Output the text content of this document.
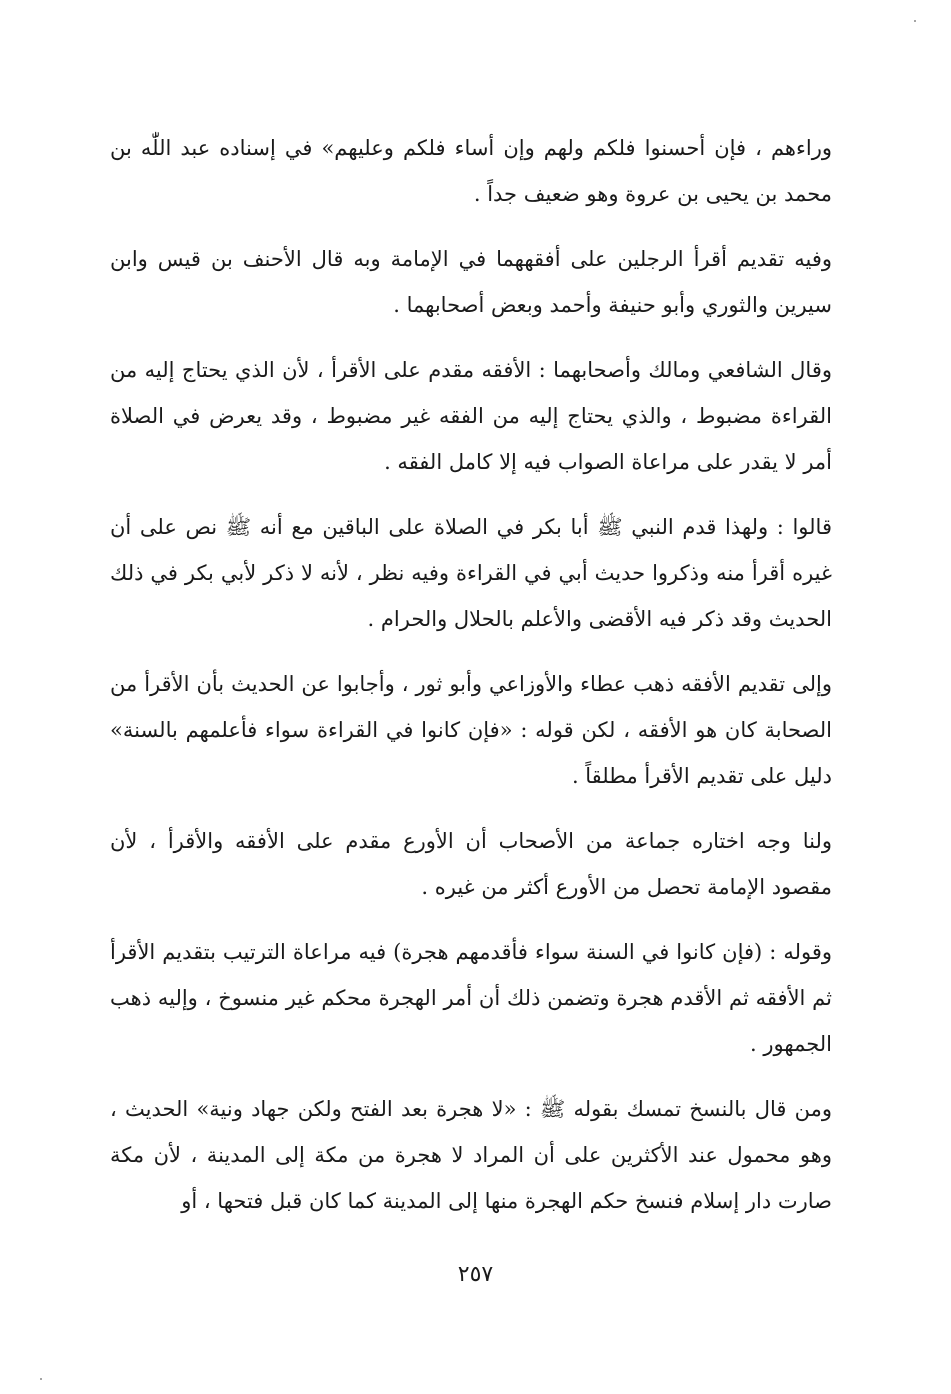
وراءهم ، فإن أحسنوا فلكم ولهم وإن أساء فلكم وعليهم» في إسناده عبد اللّٰه بن محمد بن يحيى بن عروة وهو ضعيف جداً .

وفيه تقديم أقرأ الرجلين على أفقههما في الإمامة وبه قال الأحنف بن قيس وابن سيرين والثوري وأبو حنيفة وأحمد وبعض أصحابهما .

وقال الشافعي ومالك وأصحابهما : الأفقه مقدم على الأقرأ ، لأن الذي يحتاج إليه من القراءة مضبوط ، والذي يحتاج إليه من الفقه غير مضبوط ، وقد يعرض في الصلاة أمر لا يقدر على مراعاة الصواب فيه إلا كامل الفقه .

قالوا : ولهذا قدم النبي ﷺ أبا بكر في الصلاة على الباقين مع أنه ﷺ نص على أن غيره أقرأ منه وذكروا حديث أبي في القراءة وفيه نظر ، لأنه لا ذكر لأبي بكر في ذلك الحديث وقد ذكر فيه الأقضى والأعلم بالحلال والحرام .

وإلى تقديم الأفقه ذهب عطاء والأوزاعي وأبو ثور ، وأجابوا عن الحديث بأن الأقرأ من الصحابة كان هو الأفقه ، لكن قوله : «فإن كانوا في القراءة سواء فأعلمهم بالسنة» دليل على تقديم الأقرأ مطلقاً .

ولنا وجه اختاره جماعة من الأصحاب أن الأورع مقدم على الأفقه والأقرأ ، لأن مقصود الإمامة تحصل من الأورع أكثر من غيره .

وقوله : (فإن كانوا في السنة سواء فأقدمهم هجرة) فيه مراعاة الترتيب بتقديم الأقرأ ثم الأفقه ثم الأقدم هجرة وتضمن ذلك أن أمر الهجرة محكم غير منسوخ ، وإليه ذهب الجمهور .

ومن قال بالنسخ تمسك بقوله ﷺ : «لا هجرة بعد الفتح ولكن جهاد ونية» الحديث ، وهو محمول عند الأكثرين على أن المراد لا هجرة من مكة إلى المدينة ، لأن مكة صارت دار إسلام فنسخ حكم الهجرة منها إلى المدينة كما كان قبل فتحها ، أو

٢٥٧
